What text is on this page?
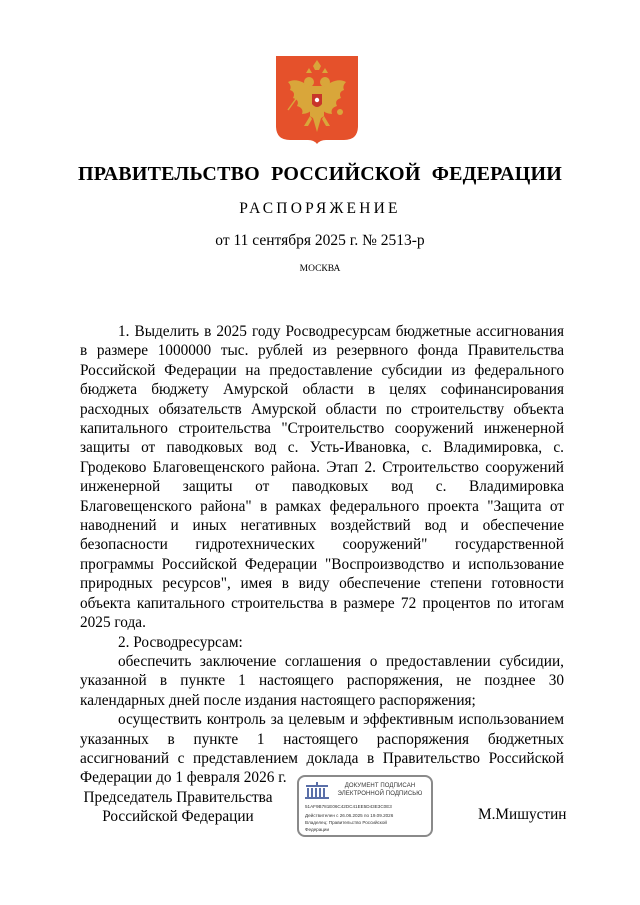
ПРАВИТЕЛЬСТВО РОССИЙСКОЙ ФЕДЕРАЦИИ
РАСПОРЯЖЕНИЕ
от 11 сентября 2025 г. № 2513-р
МОСКВА

1. Выделить в 2025 году Росводресурсам бюджетные ассигнования в размере 1000000 тыс. рублей из резервного фонда Правительства Российской Федерации на предоставление субсидии из федерального бюджета бюджету Амурской области в целях софинансирования расходных обязательств Амурской области по строительству объекта капитального строительства "Строительство сооружений инженерной защиты от паводковых вод с. Усть-Ивановка, с. Владимировка, с. Гродеково Благовещенского района. Этап 2. Строительство сооружений инженерной защиты от паводковых вод с. Владимировка Благовещенского района" в рамках федерального проекта "Защита от наводнений и иных негативных воздействий вод и обеспечение безопасности гидротехнических сооружений" государственной программы Российской Федерации "Воспроизводство и использование природных ресурсов", имея в виду обеспечение степени готовности объекта капитального строительства в размере 72 процентов по итогам 2025 года.

2. Росводресурсам:

обеспечить заключение соглашения о предоставлении субсидии, указанной в пункте 1 настоящего распоряжения, не позднее 30 календарных дней после издания настоящего распоряжения;

осуществить контроль за целевым и эффективным использованием указанных в пункте 1 настоящего распоряжения бюджетных ассигнований с представлением доклада в Правительство Российской Федерации до 1 февраля 2026 г.

Председатель Правительства
Российской Федерации
ДОКУМЕНТ ПОДПИСАН
ЭЛЕКТРОННОЙ ПОДПИСЬЮ
51AF9B781E06C42DC41EE5D43E3C0E3
Действителен с 26.06.2025 по 19.09.2026
Владелец: Правительство Российской
Федерации
М.Мишустин
